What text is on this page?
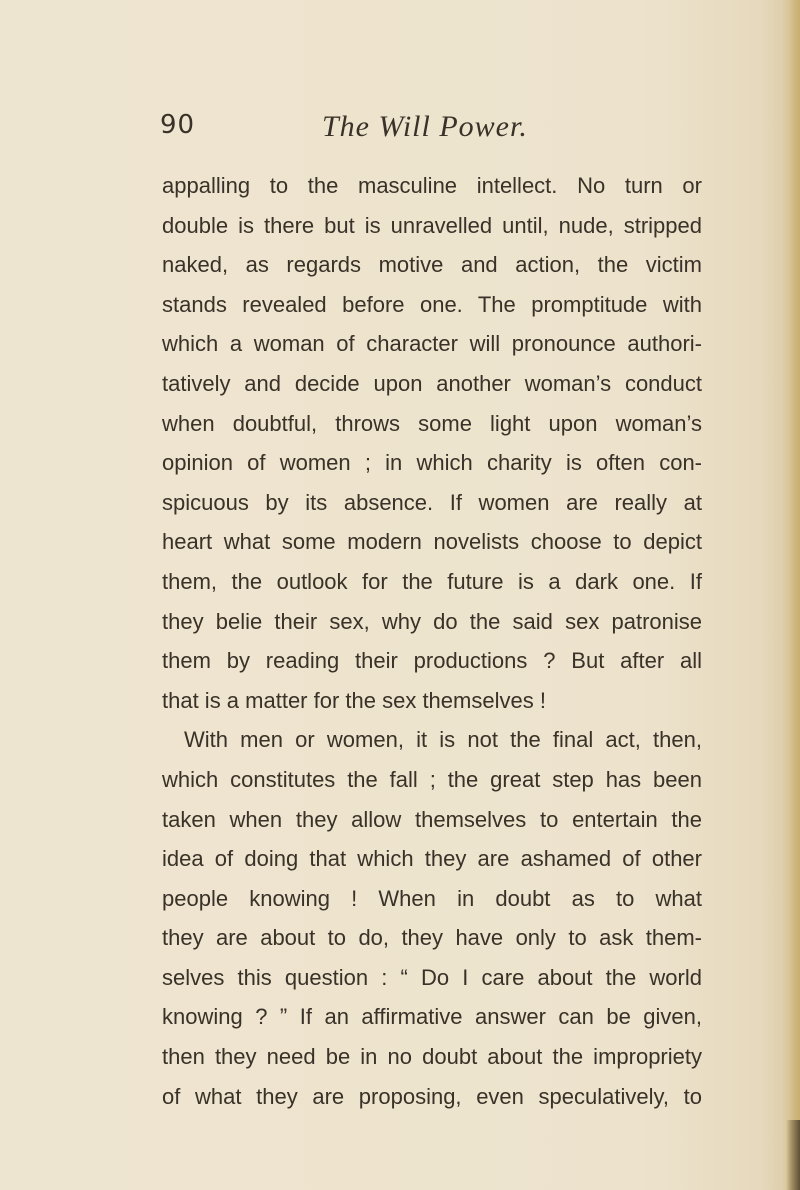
90	The Will Power.
appalling to the masculine intellect. No turn or
double is there but is unravelled until, nude, stripped
naked, as regards motive and action, the victim
stands revealed before one. The promptitude with
which a woman of character will pronounce authori-
tatively and decide upon another woman’s conduct
when doubtful, throws some light upon woman’s
opinion of women ; in which charity is often con-
spicuous by its absence. If women are really at
heart what some modern novelists choose to depict
them, the outlook for the future is a dark one. If
they belie their sex, why do the said sex patronise
them by reading their productions ? But after all
that is a matter for the sex themselves !
With men or women, it is not the final act, then,
which constitutes the fall ; the great step has been
taken when they allow themselves to entertain the
idea of doing that which they are ashamed of other
people knowing ! When in doubt as to what
they are about to do, they have only to ask them-
selves this question : “ Do I care about the world
knowing ? ” If an affirmative answer can be given,
then they need be in no doubt about the impropriety
of what they are proposing, even speculatively, to
